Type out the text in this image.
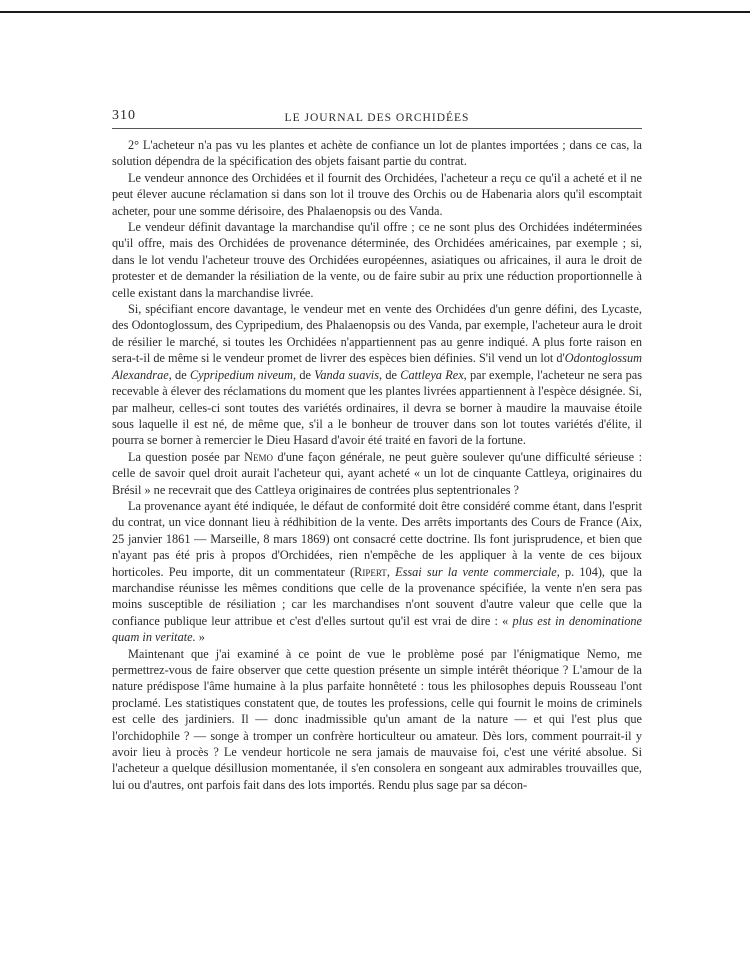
310	LE JOURNAL DES ORCHIDÉES

2° L'acheteur n'a pas vu les plantes et achète de confiance un lot de plantes importées ; dans ce cas, la solution dépendra de la spécification des objets faisant partie du contrat.

Le vendeur annonce des Orchidées et il fournit des Orchidées, l'acheteur a reçu ce qu'il a acheté et il ne peut élever aucune réclamation si dans son lot il trouve des Orchis ou de Habenaria alors qu'il escomptait acheter, pour une somme dérisoire, des Phalaenopsis ou des Vanda.

Le vendeur définit davantage la marchandise qu'il offre ; ce ne sont plus des Orchidées indéterminées qu'il offre, mais des Orchidées de provenance déterminée, des Orchidées américaines, par exemple ; si, dans le lot vendu l'acheteur trouve des Orchidées européennes, asiatiques ou africaines, il aura le droit de protester et de demander la résiliation de la vente, ou de faire subir au prix une réduction proportionnelle à celle existant dans la marchandise livrée.

Si, spécifiant encore davantage, le vendeur met en vente des Orchidées d'un genre défini, des Lycaste, des Odontoglossum, des Cypripedium, des Phalaenopsis ou des Vanda, par exemple, l'acheteur aura le droit de résilier le marché, si toutes les Orchidées n'appartiennent pas au genre indiqué. A plus forte raison en sera-t-il de même si le vendeur promet de livrer des espèces bien définies. S'il vend un lot d'Odontoglossum Alexandrae, de Cypripedium niveum, de Vanda suavis, de Cattleya Rex, par exemple, l'acheteur ne sera pas recevable à élever des réclamations du moment que les plantes livrées appartiennent à l'espèce désignée. Si, par malheur, celles-ci sont toutes des variétés ordinaires, il devra se borner à maudire la mauvaise étoile sous laquelle il est né, de même que, s'il a le bonheur de trouver dans son lot toutes variétés d'élite, il pourra se borner à remercier le Dieu Hasard d'avoir été traité en favori de la fortune.

La question posée par Nemo d'une façon générale, ne peut guère soulever qu'une difficulté sérieuse : celle de savoir quel droit aurait l'acheteur qui, ayant acheté « un lot de cinquante Cattleya, originaires du Brésil » ne recevrait que des Cattleya originaires de contrées plus septentrionales ?

La provenance ayant été indiquée, le défaut de conformité doit être considéré comme étant, dans l'esprit du contrat, un vice donnant lieu à rédhibition de la vente. Des arrêts importants des Cours de France (Aix, 25 janvier 1861 — Marseille, 8 mars 1869) ont consacré cette doctrine. Ils font jurisprudence, et bien que n'ayant pas été pris à propos d'Orchidées, rien n'empêche de les appliquer à la vente de ces bijoux horticoles. Peu importe, dit un commentateur (Ripert, Essai sur la vente commerciale, p. 104), que la marchandise réunisse les mêmes conditions que celle de la provenance spécifiée, la vente n'en sera pas moins susceptible de résiliation ; car les marchandises n'ont souvent d'autre valeur que celle que la confiance publique leur attribue et c'est d'elles surtout qu'il est vrai de dire : « plus est in denominatione quam in veritate. »

Maintenant que j'ai examiné à ce point de vue le problème posé par l'énigmatique Nemo, me permettrez-vous de faire observer que cette question présente un simple intérêt théorique ? L'amour de la nature prédispose l'âme humaine à la plus parfaite honnêteté : tous les philosophes depuis Rousseau l'ont proclamé. Les statistiques constatent que, de toutes les professions, celle qui fournit le moins de criminels est celle des jardiniers. Il — donc inadmissible qu'un amant de la nature — et qui l'est plus que l'orchidophile ? — songe à tromper un confrère horticulteur ou amateur. Dès lors, comment pourrait-il y avoir lieu à procès ? Le vendeur horticole ne sera jamais de mauvaise foi, c'est une vérité absolue. Si l'acheteur a quelque désillusion momentanée, il s'en consolera en songeant aux admirables trouvailles que, lui ou d'autres, ont parfois fait dans des lots importés. Rendu plus sage par sa décon-
